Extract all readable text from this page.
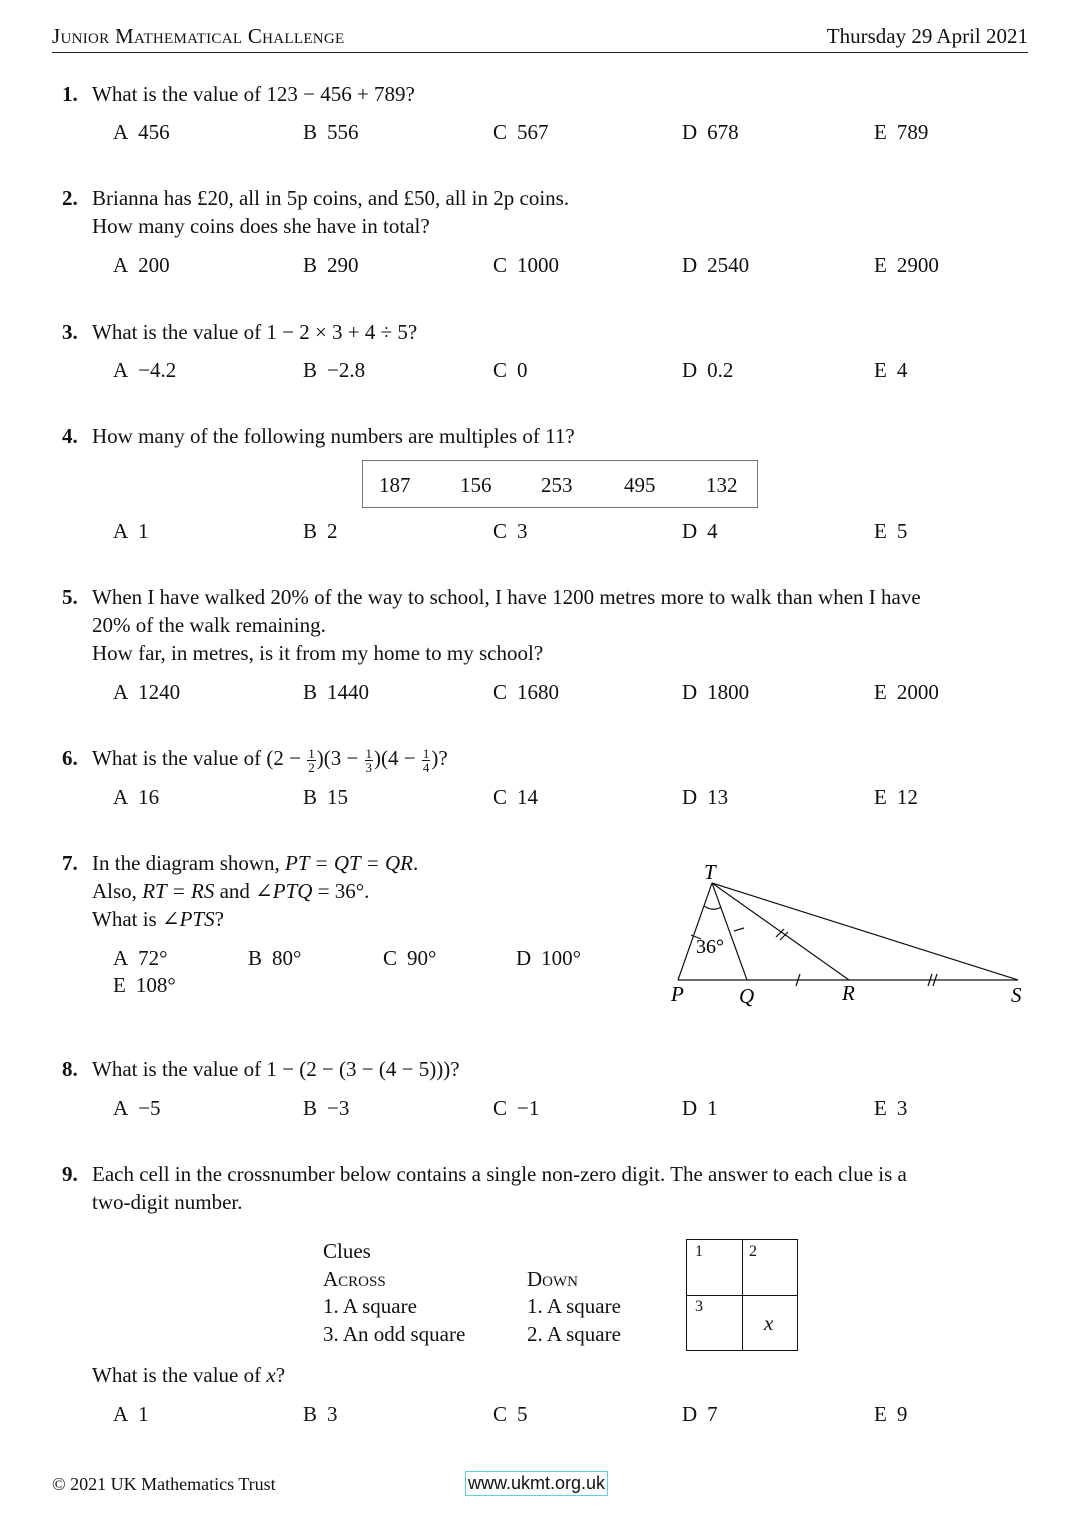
Junior Mathematical Challenge	Thursday 29 April 2021
1. What is the value of 123 − 456 + 789?
A 456	B 556	C 567	D 678	E 789
2. Brianna has £20, all in 5p coins, and £50, all in 2p coins.
How many coins does she have in total?
A 200	B 290	C 1000	D 2540	E 2900
3. What is the value of 1 − 2 × 3 + 4 ÷ 5?
A −4.2	B −2.8	C 0	D 0.2	E 4
4. How many of the following numbers are multiples of 11?
187 156 253 495 132
A 1	B 2	C 3	D 4	E 5
5. When I have walked 20% of the way to school, I have 1200 metres more to walk than when I have
20% of the walk remaining.
How far, in metres, is it from my home to my school?
A 1240	B 1440	C 1680	D 1800	E 2000
6. What is the value of $(2 - \frac{1}{2} )(3 - \frac{1}{3} )(4 - \frac{1}{4}$ )?
A 16	B 15	C 14	D 13	E 12
7. In the diagram shown, PT = QT = QR.
Also, RT = RS and ∠PTQ = 36°.
What is ∠PTS?
A 72°	B 80°	C 90°	D 100°
E 108°
T
P	Q	R	S
36°
8. What is the value of 1 − (2 − (3 − (4 − 5)))?
A −5	B −3	C −1	D 1	E 3
9. Each cell in the crossnumber below contains a single non-zero digit. The answer to each clue is a
two-digit number.
Clues
Across
1. A square
3. An odd square
Down
1. A square
2. A square
1	2
3
x
What is the value of x?
A 1	B 3	C 5	D 7	E 9
© 2021 UK Mathematics Trust	www.ukmt.org.uk
